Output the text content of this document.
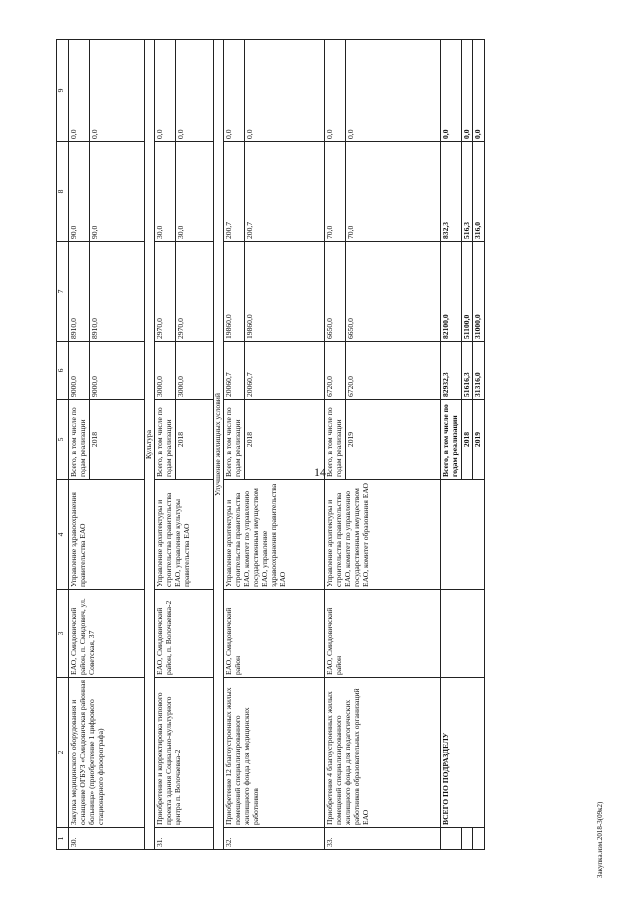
14
1	2	3	4	5	6	7	8	9
30.	Закупка медицинского оборудования и оснащение ОГБУЗ «Смидовичская районная больница» (приобретение 1 цифрового стационарного флюорографа)	ЕАО, Смидовичский район, п. Смидович, ул. Советская, 37	Управление здравоохранения правительства ЕАО	Всего, в том числе по годам реализации	9000,0	8910,0	90,0	0,0
				2018	9000,0	8910,0	90,0	0,0
Культура								
31.	Приобретение и корректировка типового проекта здания Социально-культурного центра п. Волочаевка-2	ЕАО, Смидовичский район, п. Волочаевка-2	Управление архитектуры и строительства правительства ЕАО, управление культуры правительства ЕАО	Всего, в том числе по годам реализации	3000,0	2970,0	30,0	0,0
				2018	3000,0	2970,0	30,0	0,0
Улучшение жилищных условий								
32.	Приобретение 12 благоустроенных жилых помещений специализированного жилищного фонда для медицинских работников	ЕАО, Смидовичский район	Управление архитектуры и строительства правительства ЕАО, комитет по управлению государственным имуществом ЕАО, управление здравоохранения правительства ЕАО	Всего, в том числе по годам реализации	20060,7	19860,0	200,7	0,0
				2018	20060,7	19860,0	200,7	0,0
33.	Приобретение 4 благоустроенных жилых помещений специализированного жилищного фонда для педагогических работников образовательных организаций ЕАО	ЕАО, Смидовичский район	Управление архитектуры и строительства правительства ЕАО, комитет по управлению государственным имуществом ЕАО, комитет образования ЕАО	Всего, в том числе по годам реализации	6720,0	6650,0	70,0	0,0
				2019	6720,0	6650,0	70,0	0,0
	ВСЕГО ПО ПОДРАЗДЕЛУ			Всего, в том числе по годам реализации	82932,3	82100,0	832,3	0,0
				2018	51616,3	51100,0	516,3	0,0
				2019	31316,0	31000,0	316,0	0,0
Закупка.изм.2018-3(09к2)
